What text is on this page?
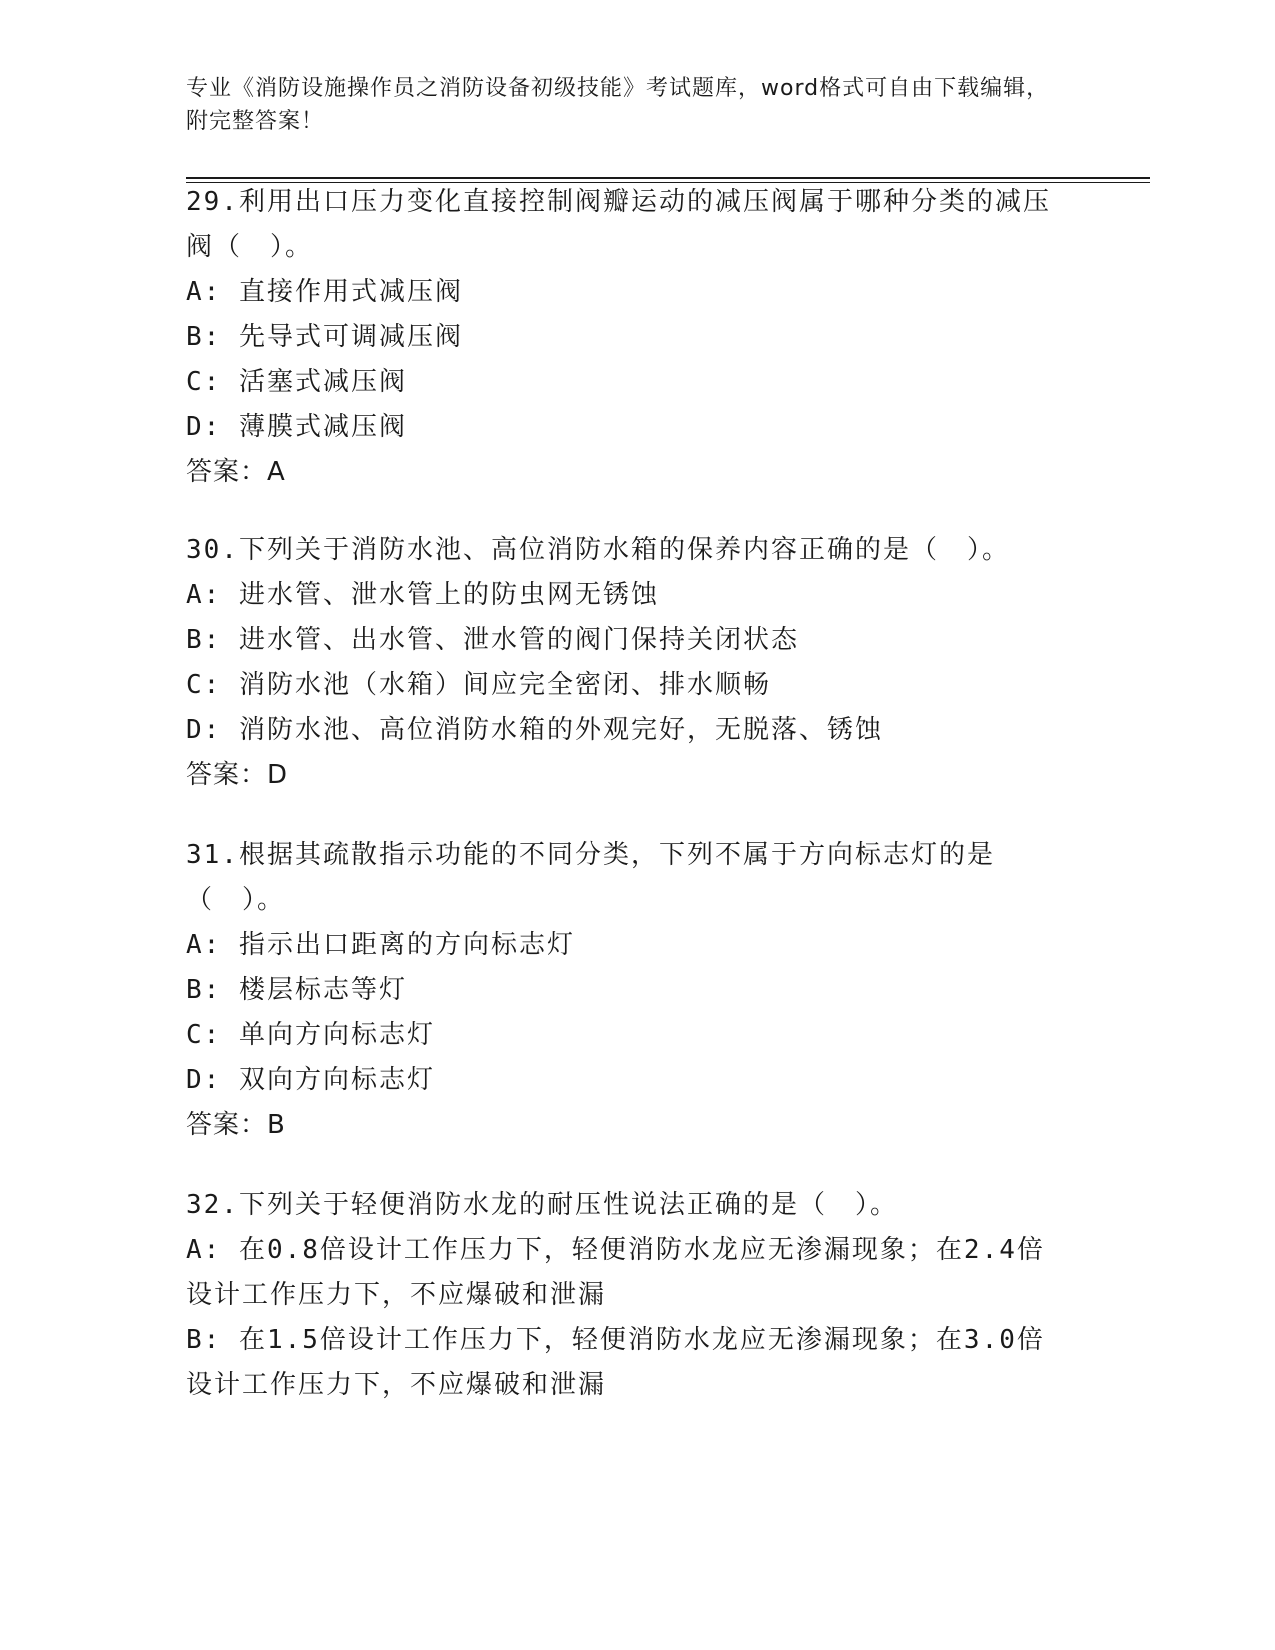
专业《消防设施操作员之消防设备初级技能》考试题库，word格式可自由下载编辑，附完整答案！
29.利用出口压力变化直接控制阀瓣运动的减压阀属于哪种分类的减压阀（　）。
A: 直接作用式减压阀
B: 先导式可调减压阀
C: 活塞式减压阀
D: 薄膜式减压阀
答案：A
30.下列关于消防水池、高位消防水箱的保养内容正确的是（　）。
A: 进水管、泄水管上的防虫网无锈蚀
B: 进水管、出水管、泄水管的阀门保持关闭状态
C: 消防水池（水箱）间应完全密闭、排水顺畅
D: 消防水池、高位消防水箱的外观完好，无脱落、锈蚀
答案：D
31.根据其疏散指示功能的不同分类，下列不属于方向标志灯的是（　）。
A: 指示出口距离的方向标志灯
B: 楼层标志等灯
C: 单向方向标志灯
D: 双向方向标志灯
答案：B
32.下列关于轻便消防水龙的耐压性说法正确的是（　）。
A: 在0.8倍设计工作压力下，轻便消防水龙应无渗漏现象；在2.4倍设计工作压力下，不应爆破和泄漏
B: 在1.5倍设计工作压力下，轻便消防水龙应无渗漏现象；在3.0倍设计工作压力下，不应爆破和泄漏
